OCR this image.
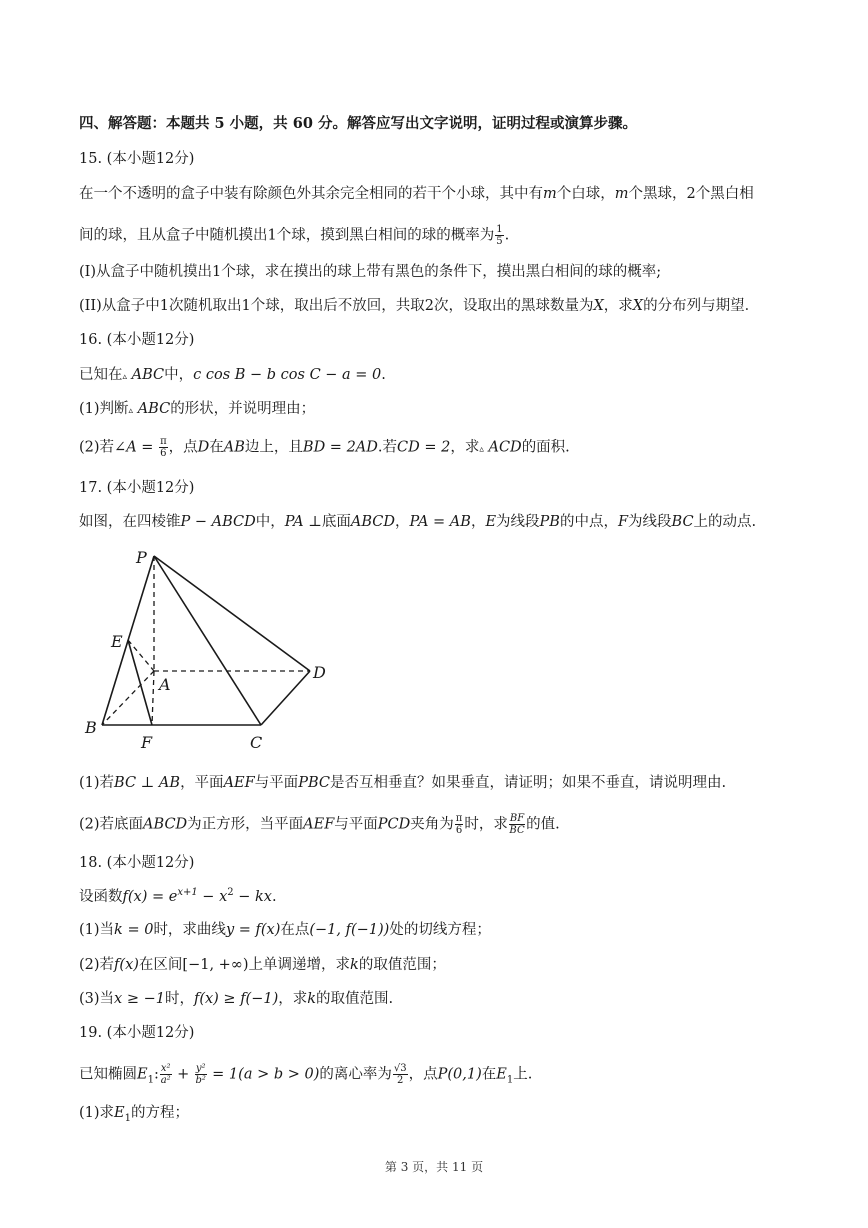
四、解答题：本题共 5 小题，共 60 分。解答应写出文字说明，证明过程或演算步骤。
15. (本小题12分)
在一个不透明的盒子中装有除颜色外其余完全相同的若干个小球，其中有m个白球，m个黑球，2个黑白相
间的球，且从盒子中随机摸出1个球，摸到黑白相间的球的概率为 $\frac{1}{5}$ .
(I)从盒子中随机摸出1个球，求在摸出的球上带有黑色的条件下，摸出黑白相间的球的概率;
(II)从盒子中1次随机取出1个球，取出后不放回，共取2次，设取出的黑球数量为X，求X的分布列与期望．
16. (本小题12分)
已知在▵ ABC中，c cos B − b cos C − a = 0.
(1)判断▵ ABC的形状，并说明理由；
(2)若∠A = $\frac{\pi}{6}$ ，点D在AB边上，且BD = 2AD.若CD = 2，求▵ ACD的面积.
17. (本小题12分)
如图，在四棱锥P − ABCD中，PA ⊥底面ABCD，PA = AB，E为线段PB的中点，F为线段BC上的动点.
P
E
A
D
B
F	C
(1)若BC ⊥ AB，平面AEF与平面PBC是否互相垂直？如果垂直，请证明；如果不垂直，请说明理由.
(2)若底面ABCD为正方形，当平面AEF与平面PCD夹角为 $\frac{\pi}{6}$ 时，求 $\frac{BF}{BC}$ 的值.
18. (本小题12分)
设函数$f(x) = e^{x+1} - x^2$ − kx.
(1)当k = 0时，求曲线y = f(x)在点(−1, f(−1))处的切线方程；
(2)若f(x)在区间[−1, +∞)上单调递增，求k的取值范围；
(3)当x ≥ −1时，f(x) ≥ f(−1)，求k的取值范围.
19. (本小题12分)
已知椭圆$E_1$: $\frac{\text{x²}}{\text{a²}} + \frac{\text{y²}}{\text{b²}} = 1(a > b > 0)$的离心率为 $\frac{√3}{2}$ ，点P(0,1)在$E_1$上.
(1)求$E_1$的方程；
第 3 页，共 11 页
